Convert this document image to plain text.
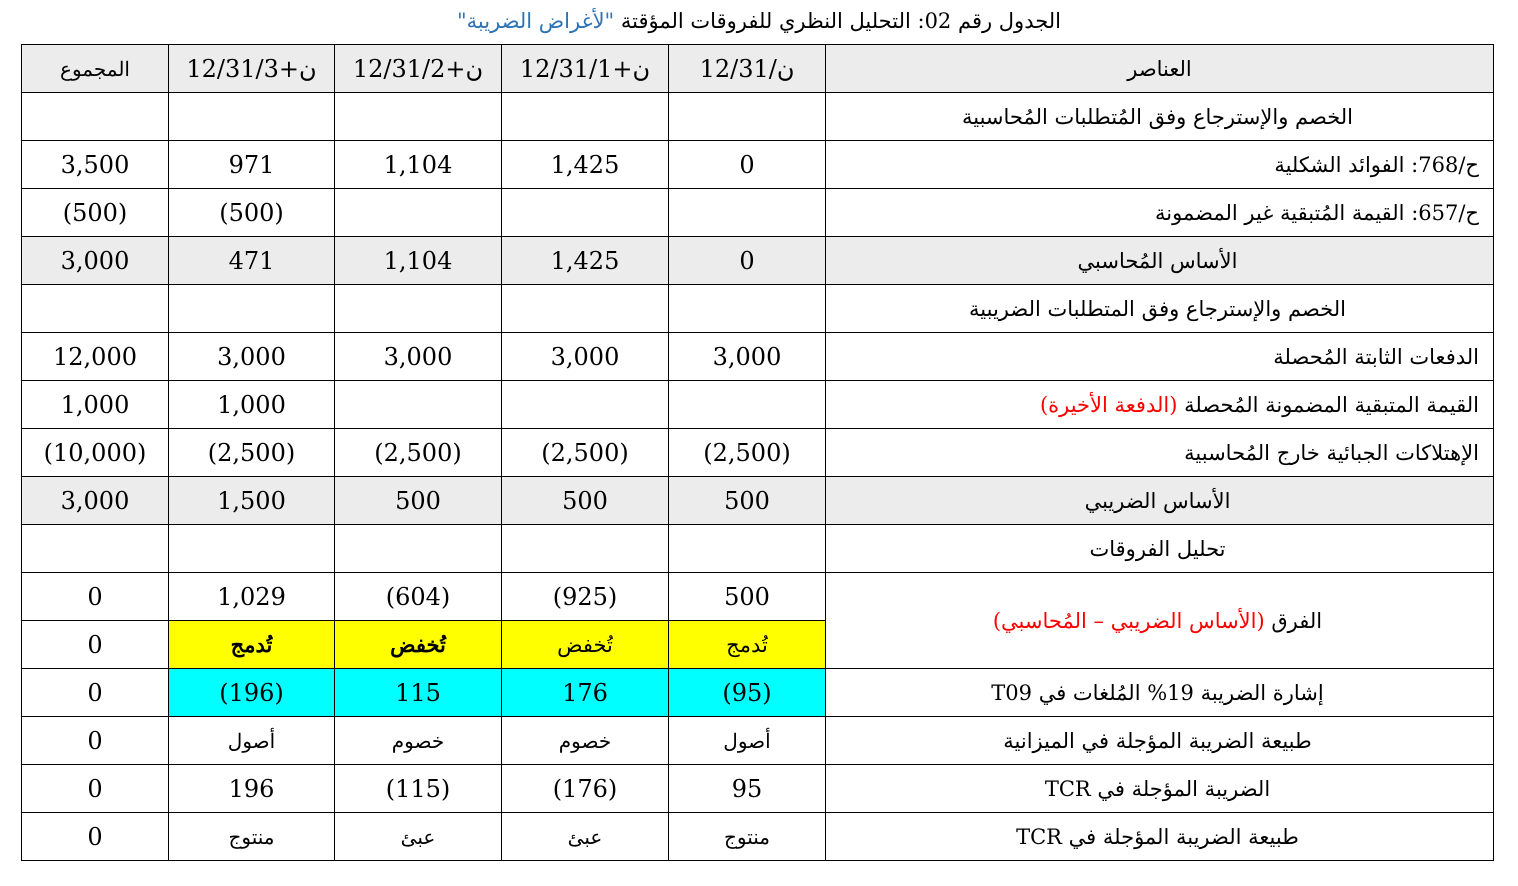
الجدول رقم 02: التحليل النظري للفروقات المؤقتة "لأغراض الضريبة"
العناصر	12/31/ن	12/31/ن+1	12/31/ن+2	12/31/ن+3	المجموع
الخصم والإسترجاع وفق المُتطلبات المُحاسبية					
ح/768: الفوائد الشكلية	0	1,425	1,104	971	3,500
ح/657: القيمة المُتبقية غير المضمونة				(500)	(500)
الأساس المُحاسبي	0	1,425	1,104	471	3,000
الخصم والإسترجاع وفق المتطلبات الضريبية					
الدفعات الثابتة المُحصلة	3,000	3,000	3,000	3,000	12,000
القيمة المتبقية المضمونة المُحصلة (الدفعة الأخيرة)				1,000	1,000
الإهتلاكات الجبائية خارج المُحاسبية	(2,500)	(2,500)	(2,500)	(2,500)	(10,000)
الأساس الضريبي	500	500	500	1,500	3,000
تحليل الفروقات					
الفرق (الأساس الضريبي – المُحاسبي)	500	(925)	(604)	1,029	0
	تُدمج	تُخفض	تُخفض	تُدمج	0
إشارة الضريبة 19% المُلغات في T09	(95)	176	115	(196)	0
طبيعة الضريبة المؤجلة في الميزانية	أصول	خصوم	خصوم	أصول	0
الضريبة المؤجلة في TCR	95	(176)	(115)	196	0
طبيعة الضريبة المؤجلة في TCR	منتوج	عبئ	عبئ	منتوج	0
